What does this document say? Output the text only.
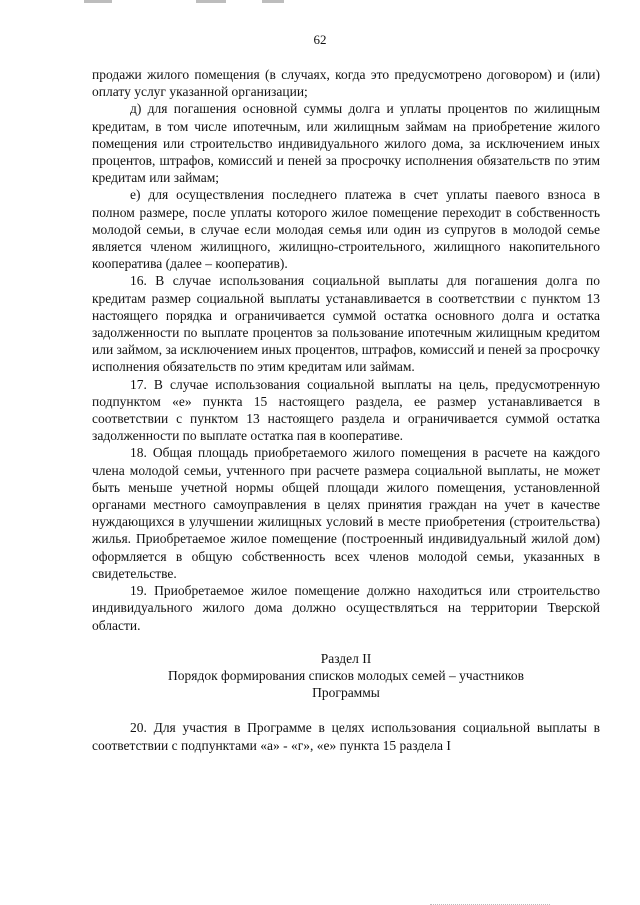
62

продажи жилого помещения (в случаях, когда это предусмотрено договором) и (или) оплату услуг указанной организации;

д) для погашения основной суммы долга и уплаты процентов по жилищным кредитам, в том числе ипотечным, или жилищным займам на приобретение жилого помещения или строительство индивидуального жилого дома, за исключением иных процентов, штрафов, комиссий и пеней за просрочку исполнения обязательств по этим кредитам или займам;

е) для осуществления последнего платежа в счет уплаты паевого взноса в полном размере, после уплаты которого жилое помещение переходит в собственность молодой семьи, в случае если молодая семья или один из супругов в молодой семье является членом жилищного, жилищно-строительного, жилищного накопительного кооператива (далее – кооператив).

16. В случае использования социальной выплаты для погашения долга по кредитам размер социальной выплаты устанавливается в соответствии с пунктом 13 настоящего порядка и ограничивается суммой остатка основного долга и остатка задолженности по выплате процентов за пользование ипотечным жилищным кредитом или займом, за исключением иных процентов, штрафов, комиссий и пеней за просрочку исполнения обязательств по этим кредитам или займам.

17. В случае использования социальной выплаты на цель, предусмотренную подпунктом «е» пункта 15 настоящего раздела, ее размер устанавливается в соответствии с пунктом 13 настоящего раздела и ограничивается суммой остатка задолженности по выплате остатка пая в кооперативе.

18. Общая площадь приобретаемого жилого помещения в расчете на каждого члена молодой семьи, учтенного при расчете размера социальной выплаты, не может быть меньше учетной нормы общей площади жилого помещения, установленной органами местного самоуправления в целях принятия граждан на учет в качестве нуждающихся в улучшении жилищных условий в месте приобретения (строительства) жилья. Приобретаемое жилое помещение (построенный индивидуальный жилой дом) оформляется в общую собственность всех членов молодой семьи, указанных в свидетельстве.

19. Приобретаемое жилое помещение должно находиться или строительство индивидуального жилого дома должно осуществляться на территории Тверской области.

Раздел II

Порядок формирования списков молодых семей – участников

Программы

20. Для участия в Программе в целях использования социальной выплаты в соответствии с подпунктами «а» - «г», «е» пункта 15 раздела I
